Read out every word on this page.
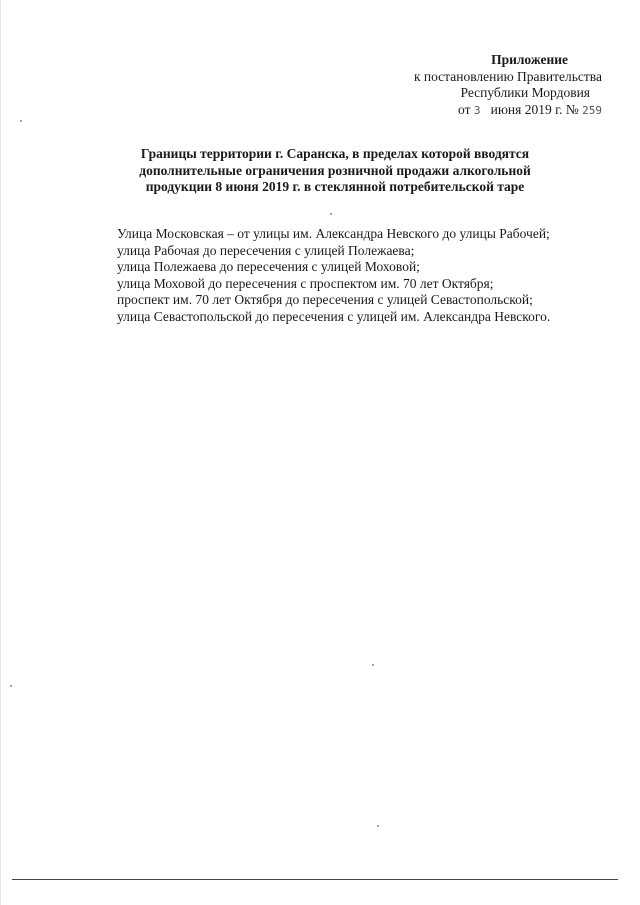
Приложение
к постановлению Правительства
Республики Мордовия
от 3 июня 2019 г. № 259
Границы территории г. Саранска, в пределах которой вводятся
дополнительные ограничения розничной продажи алкогольной
продукции 8 июня 2019 г. в стеклянной потребительской таре

Улица Московская – от улицы им. Александра Невского до улицы Рабочей;

улица Рабочая до пересечения с улицей Полежаева;

улица Полежаева до пересечения с улицей Моховой;

улица Моховой до пересечения с проспектом им. 70 лет Октября;

проспект им. 70 лет Октября до пересечения с улицей Севастопольской;

улица Севастопольской до пересечения с улицей им. Александра Невского.
